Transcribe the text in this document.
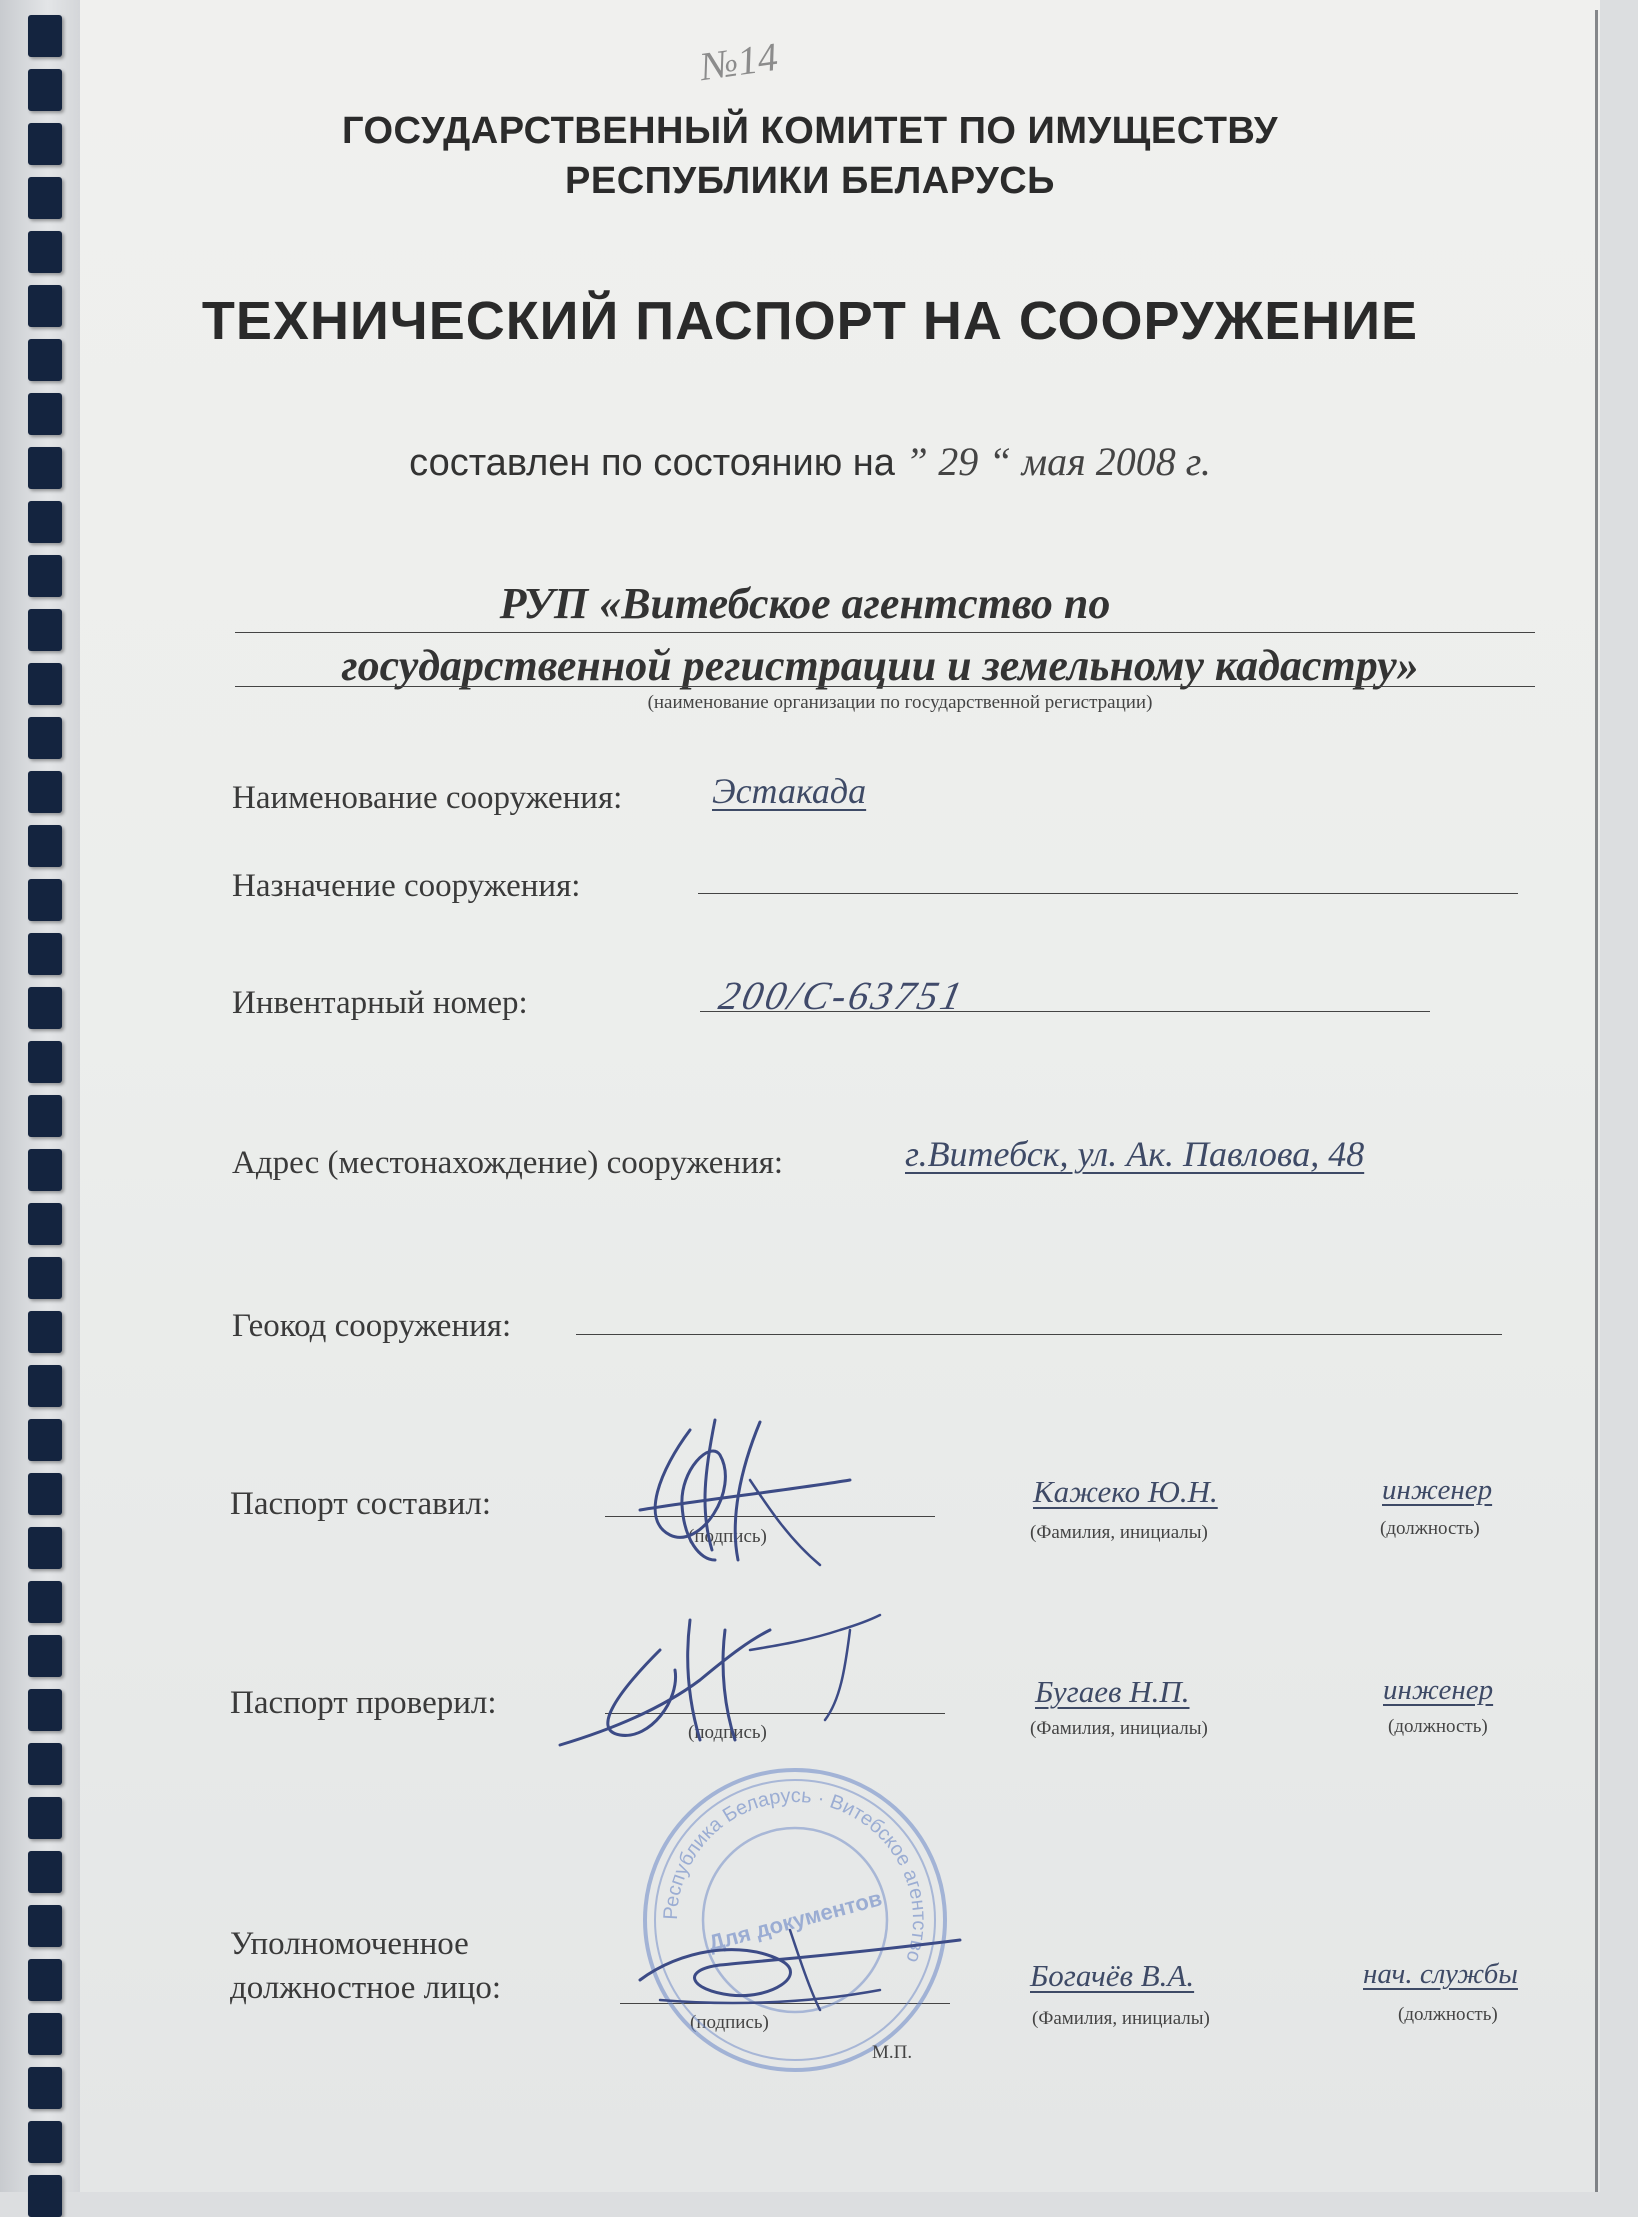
№14
ГОСУДАРСТВЕННЫЙ КОМИТЕТ ПО ИМУЩЕСТВУ
РЕСПУБЛИКИ БЕЛАРУСЬ
ТЕХНИЧЕСКИЙ ПАСПОРТ НА СООРУЖЕНИЕ
составлен по состоянию на ” 29 “ мая 2008 г.
РУП «Витебское агентство по
государственной регистрации и земельному кадастру»
(наименование организации по государственной регистрации)
Наименование сооружения: Эстакада
Назначение сооружения:
Инвентарный номер:	200/С-63751
Адрес (местонахождение) сооружения:	г.Витебск, ул. Ак. Павлова, 48
Геокод сооружения:
Паспорт составил:
(подпись)
Кажеко Ю.Н.
(Фамилия, инициалы)
инженер
(должность)
Паспорт проверил:
(подпись)
Бугаев Н.П.
(Фамилия, инициалы)
инженер
(должность)
Уполномоченное
должностное лицо:
(подпись)
Республика Беларусь · Витебское агентство
Для документов
М.П.
Богачёв В.А.
(Фамилия, инициалы)
нач. службы
(должность)
